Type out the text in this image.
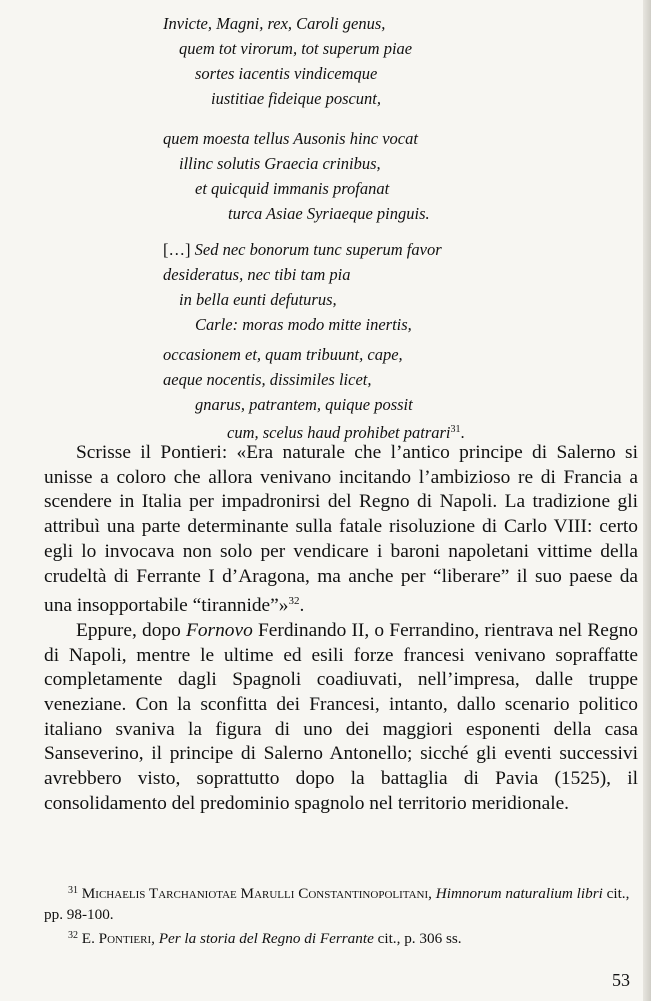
Invicte, Magni, rex, Caroli genus,
quem tot virorum, tot superum piae
sortes iacentis vindicemque
iustitiae fideique poscunt,
quem moesta tellus Ausonis hinc vocat
illinc solutis Graecia crinibus,
et quicquid immanis profanat
turca Asiae Syriaeque pinguis.
[…] Sed nec bonorum tunc superum favor
desideratus, nec tibi tam pia
in bella eunti defuturus,
Carle: moras modo mitte inertis,
occasionem et, quam tribuunt, cape,
aeque nocentis, dissimiles licet,
gnarus, patrantem, quique possit
cum, scelus haud prohibet patrari$^{31}$.

Scrisse il Pontieri: «Era naturale che l’antico principe di Salerno si unisse a coloro che allora venivano incitando l’ambizioso re di Francia a scendere in Italia per impadronirsi del Regno di Napoli. La tradizione gli attribuì una parte determinante sulla fatale risoluzione di Carlo VIII: certo egli lo invocava non solo per vendicare i baroni napoletani vittime della crudeltà di Ferrante I d’Aragona, ma anche per “liberare” il suo paese da una insopportabile “tirannide”»$^{32}$.

Eppure, dopo Fornovo Ferdinando II, o Ferrandino, rientrava nel Regno di Napoli, mentre le ultime ed esili forze francesi venivano sopraffatte completamente dagli Spagnoli coadiuvati, nell’impresa, dalle truppe veneziane. Con la sconfitta dei Francesi, intanto, dallo scenario politico italiano svaniva la figura di uno dei maggiori esponenti della casa Sanseverino, il principe di Salerno Antonello; sicché gli eventi successivi avrebbero visto, soprattutto dopo la battaglia di Pavia (1525), il consolidamento del predominio spagnolo nel territorio meridionale.

$^{31}$ Michaelis Tarchaniotae Marulli Constantinopolitani, Himnorum naturalium libri cit., pp. 98-100.

$^{32}$ E. Pontieri, Per la storia del Regno di Ferrante cit., p. 306 ss.

53
